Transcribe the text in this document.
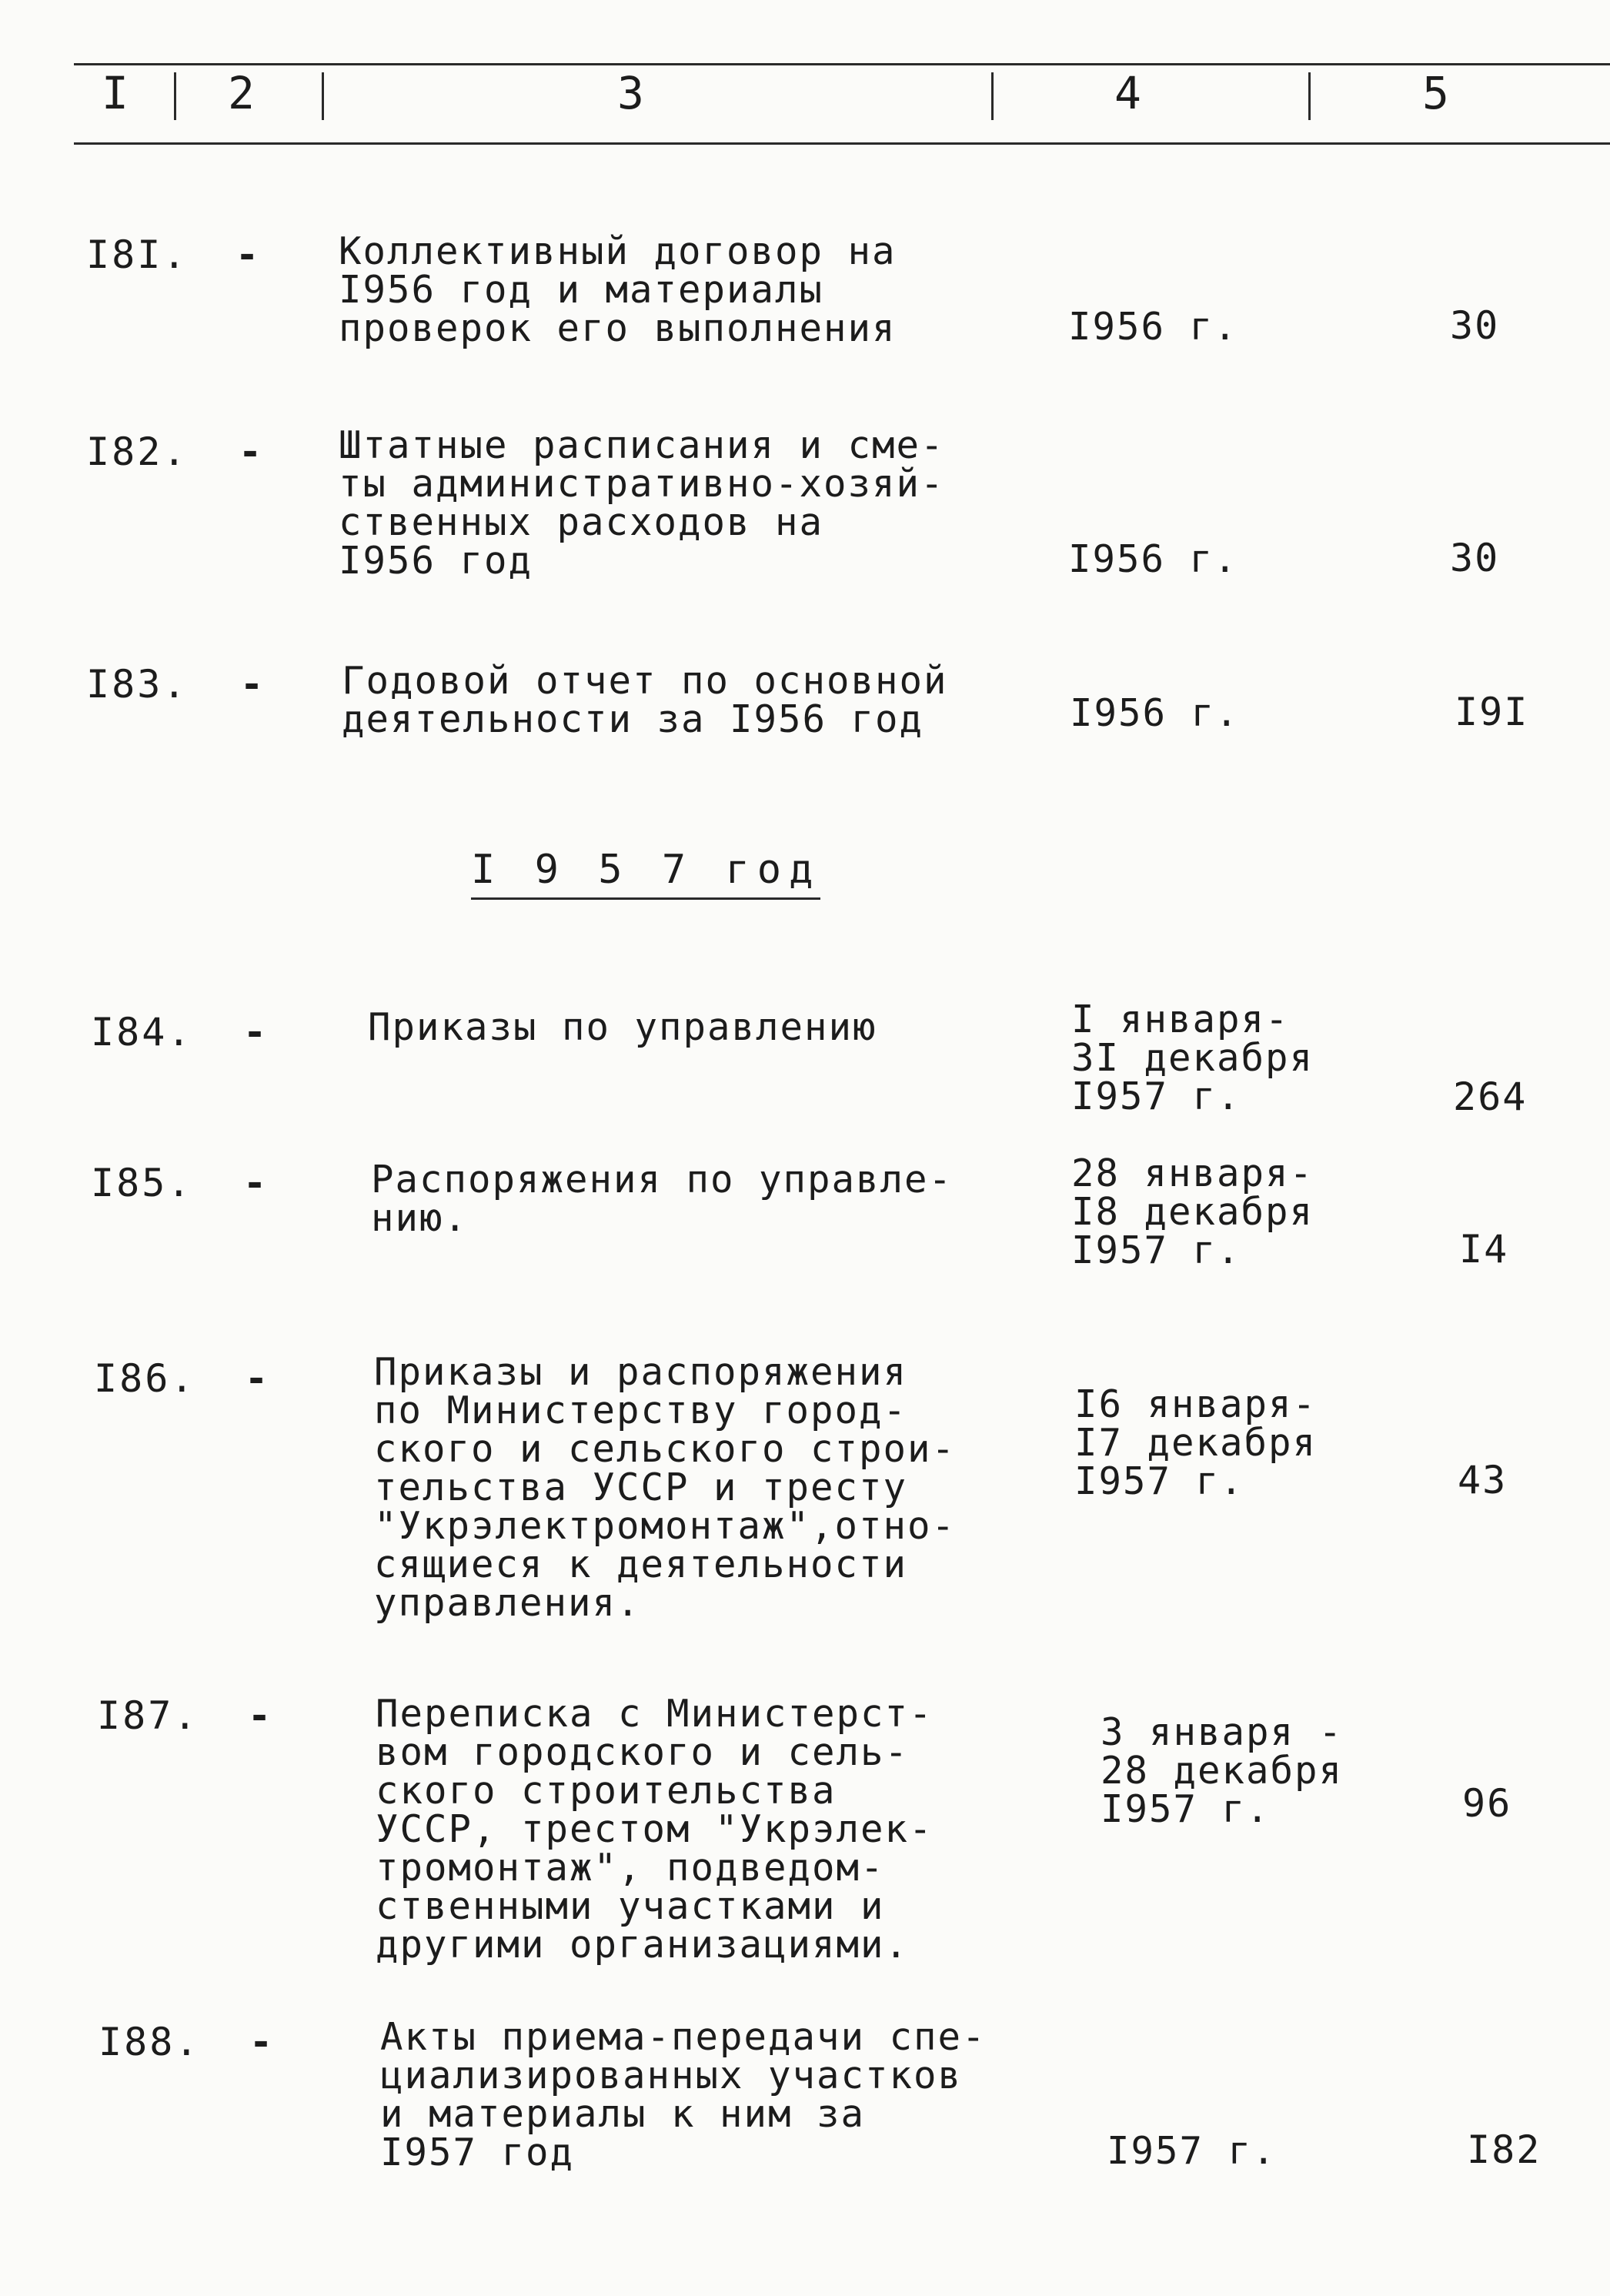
I 2	3	4	5
I8I. - Коллективный договор на
I956 год и материалы
проверок его выполнения	I956 г.	30
I82. - Штатные расписания и сме-
ты административно-хозяй-
ственных расходов на
I956 год	I956 г.	30
I83. - Годовой отчет по основной
деятельности за I956 год	I956 г.	I9I
I 9 5 7 год
I84. -	Приказы по управлению	I января-
3I декабря
I957 г.	264
I85. -	Распоряжения по управле-
нию.
28 января-
I8 декабря
I957 г.	I4
I86. -	Приказы и распоряжения
по Министерству город-
ского и сельского строи-
тельства УССР и тресту
"Укрэлектромонтаж",отно-
сящиеся к деятельности
управления.
I6 января-
I7 декабря
I957 г.	43
I87. -	Переписка с Министерст-
вом городского и сель-
ского строительства
УССР, трестом "Укрэлек-
тромонтаж", подведом-
ственными участками и
другими организациями.
3 января -
28 декабря
I957 г.	96
I88. -	Акты приема-передачи спе-
циализированных участков
и материалы к ним за
I957 год	I957 г.	I82
